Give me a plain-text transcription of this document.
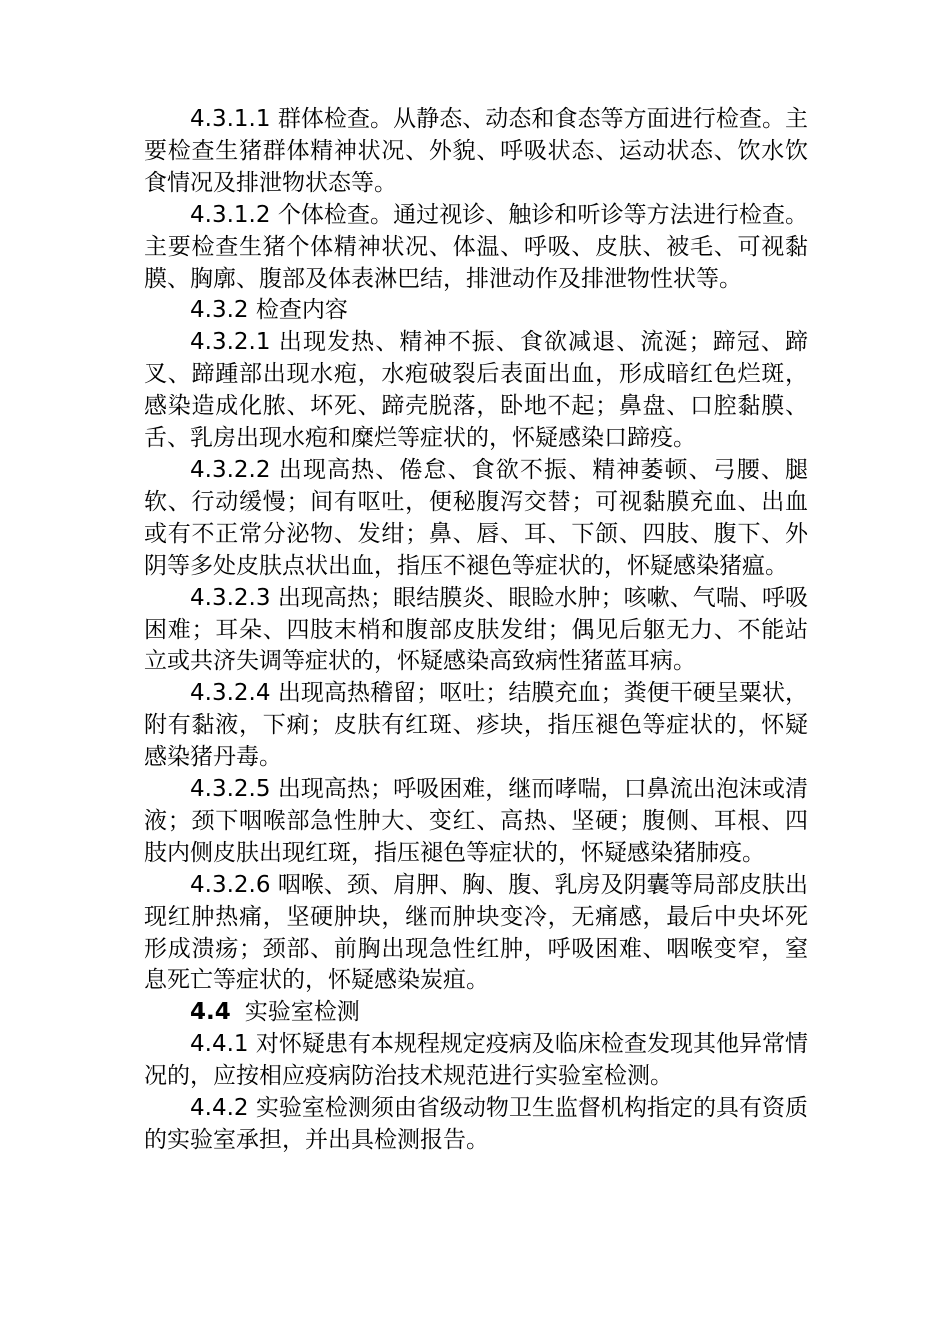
4.3.1.1 群体检查。从静态、动态和食态等方面进行检查。主要检查生猪群体精神状况、外貌、呼吸状态、运动状态、饮水饮食情况及排泄物状态等。

4.3.1.2 个体检查。通过视诊、触诊和听诊等方法进行检查。主要检查生猪个体精神状况、体温、呼吸、皮肤、被毛、可视黏膜、胸廓、腹部及体表淋巴结，排泄动作及排泄物性状等。

4.3.2 检查内容

4.3.2.1 出现发热、精神不振、食欲减退、流涎；蹄冠、蹄叉、蹄踵部出现水疱，水疱破裂后表面出血，形成暗红色烂斑，感染造成化脓、坏死、蹄壳脱落，卧地不起；鼻盘、口腔黏膜、舌、乳房出现水疱和糜烂等症状的，怀疑感染口蹄疫。

4.3.2.2 出现高热、倦怠、食欲不振、精神萎顿、弓腰、腿软、行动缓慢；间有呕吐，便秘腹泻交替；可视黏膜充血、出血或有不正常分泌物、发绀；鼻、唇、耳、下颌、四肢、腹下、外阴等多处皮肤点状出血，指压不褪色等症状的，怀疑感染猪瘟。

4.3.2.3 出现高热；眼结膜炎、眼睑水肿；咳嗽、气喘、呼吸困难；耳朵、四肢末梢和腹部皮肤发绀；偶见后躯无力、不能站立或共济失调等症状的，怀疑感染高致病性猪蓝耳病。

4.3.2.4 出现高热稽留；呕吐；结膜充血；粪便干硬呈粟状，附有黏液，下痢；皮肤有红斑、疹块，指压褪色等症状的，怀疑感染猪丹毒。

4.3.2.5 出现高热；呼吸困难，继而哮喘，口鼻流出泡沫或清液；颈下咽喉部急性肿大、变红、高热、坚硬；腹侧、耳根、四肢内侧皮肤出现红斑，指压褪色等症状的，怀疑感染猪肺疫。

4.3.2.6 咽喉、颈、肩胛、胸、腹、乳房及阴囊等局部皮肤出现红肿热痛，坚硬肿块，继而肿块变冷，无痛感，最后中央坏死形成溃疡；颈部、前胸出现急性红肿，呼吸困难、咽喉变窄，窒息死亡等症状的，怀疑感染炭疽。

4.4 实验室检测

4.4.1 对怀疑患有本规程规定疫病及临床检查发现其他异常情况的，应按相应疫病防治技术规范进行实验室检测。

4.4.2 实验室检测须由省级动物卫生监督机构指定的具有资质的实验室承担，并出具检测报告。
